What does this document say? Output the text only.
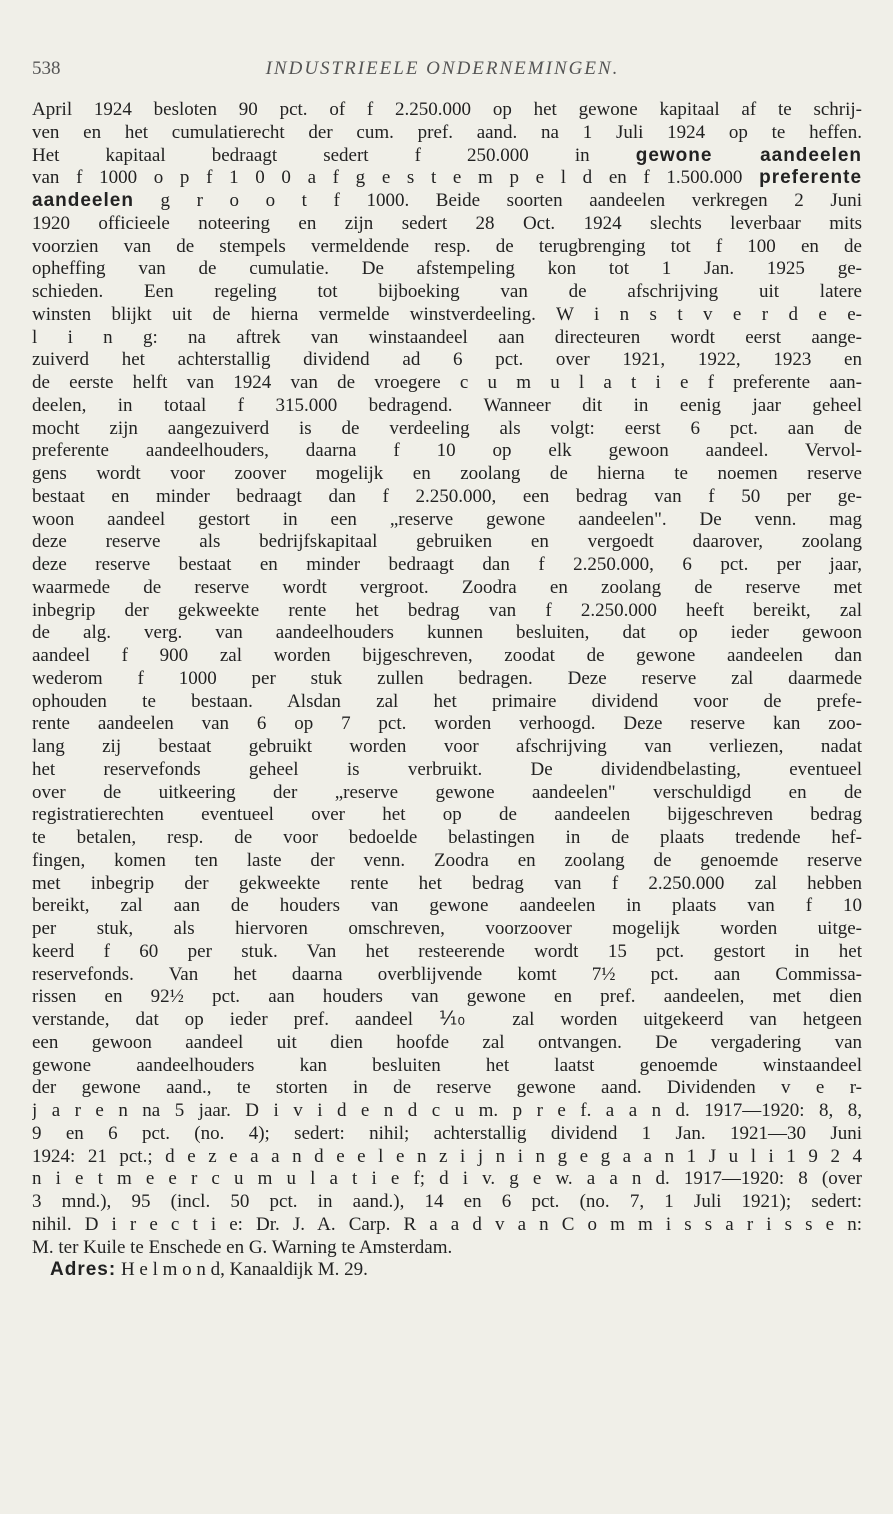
538	INDUSTRIEELE ONDERNEMINGEN.
April 1924 besloten 90 pct. of f 2.250.000 op het gewone kapitaal af te schrij-
ven en het cumulatierecht der cum. pref. aand. na 1 Juli 1924 op te heffen.
Het kapitaal bedraagt sedert f 250.000 in gewone aandeelen
van f 1000 o p f 1 0 0 a f g e s t e m p e l d en f 1.500.000 preferente
aandeelen g r o o t f 1000. Beide soorten aandeelen verkregen 2 Juni
1920 officieele noteering en zijn sedert 28 Oct. 1924 slechts leverbaar mits
voorzien van de stempels vermeldende resp. de terugbrenging tot f 100 en de
opheffing van de cumulatie. De afstempeling kon tot 1 Jan. 1925 ge-
schieden. Een regeling tot bijboeking van de afschrijving uit latere
winsten blijkt uit de hierna vermelde winstverdeeling. W i n s t v e r d e e-
l i n g: na aftrek van winstaandeel aan directeuren wordt eerst aange-
zuiverd het achterstallig dividend ad 6 pct. over 1921, 1922, 1923 en
de eerste helft van 1924 van de vroegere c u m u l a t i e f preferente aan-
deelen, in totaal f 315.000 bedragend. Wanneer dit in eenig jaar geheel
mocht zijn aangezuiverd is de verdeeling als volgt: eerst 6 pct. aan de
preferente aandeelhouders, daarna f 10 op elk gewoon aandeel. Vervol-
gens wordt voor zoover mogelijk en zoolang de hierna te noemen reserve
bestaat en minder bedraagt dan f 2.250.000, een bedrag van f 50 per ge-
woon aandeel gestort in een „reserve gewone aandeelen". De venn. mag
deze reserve als bedrijfskapitaal gebruiken en vergoedt daarover, zoolang
deze reserve bestaat en minder bedraagt dan f 2.250.000, 6 pct. per jaar,
waarmede de reserve wordt vergroot. Zoodra en zoolang de reserve met
inbegrip der gekweekte rente het bedrag van f 2.250.000 heeft bereikt, zal
de alg. verg. van aandeelhouders kunnen besluiten, dat op ieder gewoon
aandeel f 900 zal worden bijgeschreven, zoodat de gewone aandeelen dan
wederom f 1000 per stuk zullen bedragen. Deze reserve zal daarmede
ophouden te bestaan. Alsdan zal het primaire dividend voor de prefe-
rente aandeelen van 6 op 7 pct. worden verhoogd. Deze reserve kan zoo-
lang zij bestaat gebruikt worden voor afschrijving van verliezen, nadat
het reservefonds geheel is verbruikt. De dividendbelasting, eventueel
over de uitkeering der „reserve gewone aandeelen" verschuldigd en de
registratierechten eventueel over het op de aandeelen bijgeschreven bedrag
te betalen, resp. de voor bedoelde belastingen in de plaats tredende hef-
fingen, komen ten laste der venn. Zoodra en zoolang de genoemde reserve
met inbegrip der gekweekte rente het bedrag van f 2.250.000 zal hebben
bereikt, zal aan de houders van gewone aandeelen in plaats van f 10
per stuk, als hiervoren omschreven, voorzoover mogelijk worden uitge-
keerd f 60 per stuk. Van het resteerende wordt 15 pct. gestort in het
reservefonds. Van het daarna overblijvende komt 7½ pct. aan Commissa-
rissen en 92½ pct. aan houders van gewone en pref. aandeelen, met dien
verstande, dat op ieder pref. aandeel ⅒ zal worden uitgekeerd van hetgeen
een gewoon aandeel uit dien hoofde zal ontvangen. De vergadering van
gewone aandeelhouders kan besluiten het laatst genoemde winstaandeel
der gewone aand., te storten in de reserve gewone aand. Dividenden v e r-
j a r e n na 5 jaar. D i v i d e n d c u m. p r e f. a a n d. 1917—1920: 8, 8,
9 en 6 pct. (no. 4); sedert: nihil; achterstallig dividend 1 Jan. 1921—30 Juni
1924: 21 pct.; d e z e a a n d e e l e n z i j n i n g e g a a n 1 J u l i 1 9 2 4
n i e t m e e r c u m u l a t i e f; d i v. g e w. a a n d. 1917—1920: 8 (over
3 mnd.), 95 (incl. 50 pct. in aand.), 14 en 6 pct. (no. 7, 1 Juli 1921); sedert:
nihil. D i r e c t i e: Dr. J. A. Carp. R a a d v a n C o m m i s s a r i s s e n:
M. ter Kuile te Enschede en G. Warning te Amsterdam.
Adres: H e l m o n d, Kanaaldijk M. 29.
